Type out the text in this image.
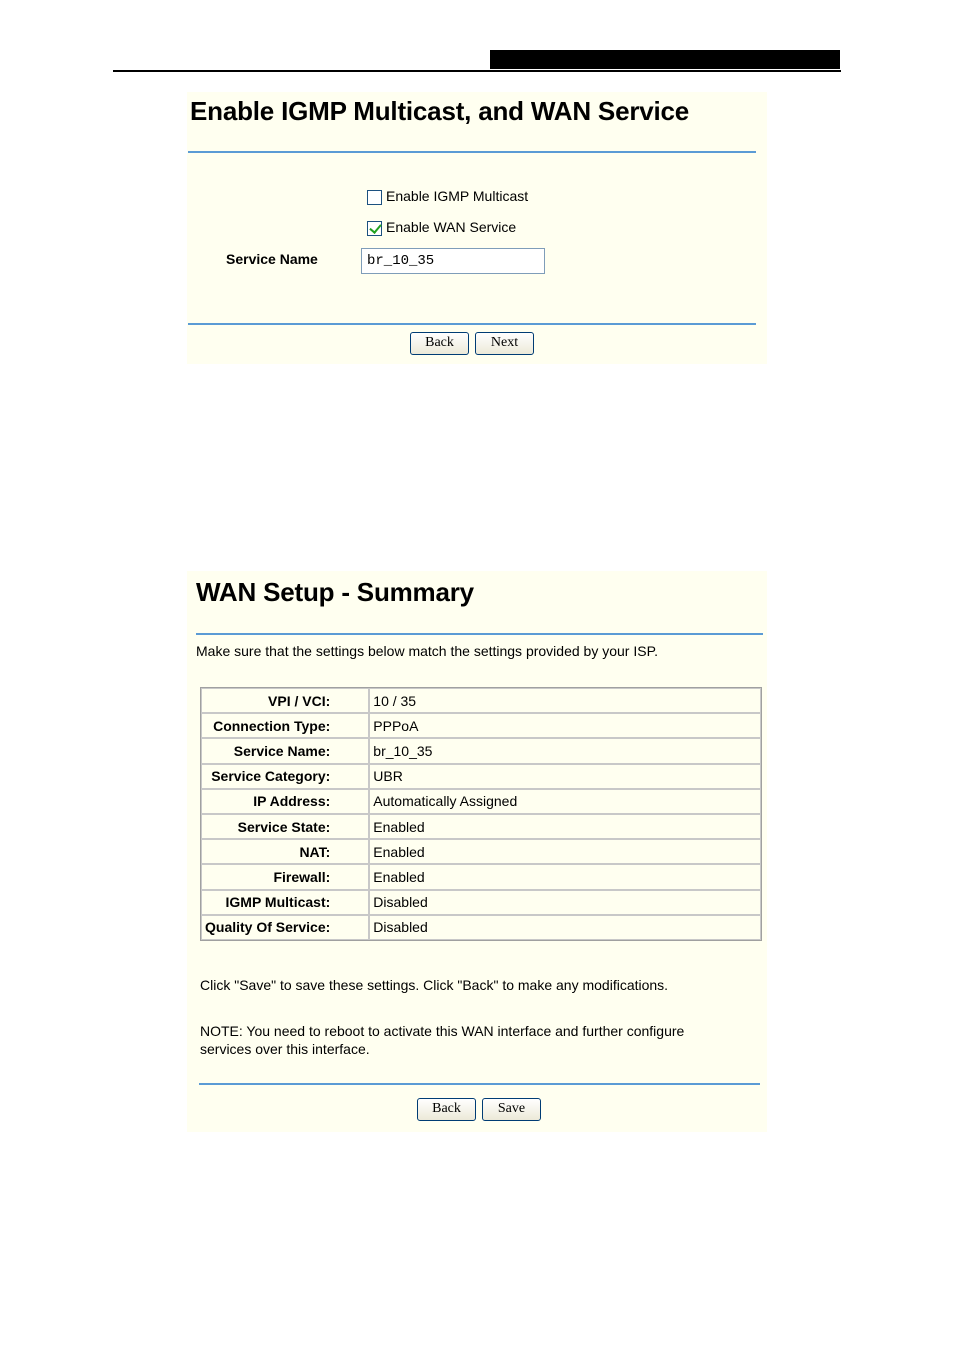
Enable IGMP Multicast, and WAN Service
Enable IGMP Multicast
Enable WAN Service
Service Name
br_10_35
Back	Next
WAN Setup - Summary
Make sure that the settings below match the settings provided by your ISP.
Click "Save" to save these settings. Click "Back" to make any modifications.
NOTE: You need to reboot to activate this WAN interface and further configure
services over this interface.
Back	Save
VPI / VCI:	10 / 35
Connection Type:	PPPoA
Service Name:	br_10_35
Service Category:	UBR
IP Address:	Automatically Assigned
Service State:	Enabled
NAT:	Enabled
Firewall:	Enabled
IGMP Multicast:	Disabled
Quality Of Service:	Disabled
